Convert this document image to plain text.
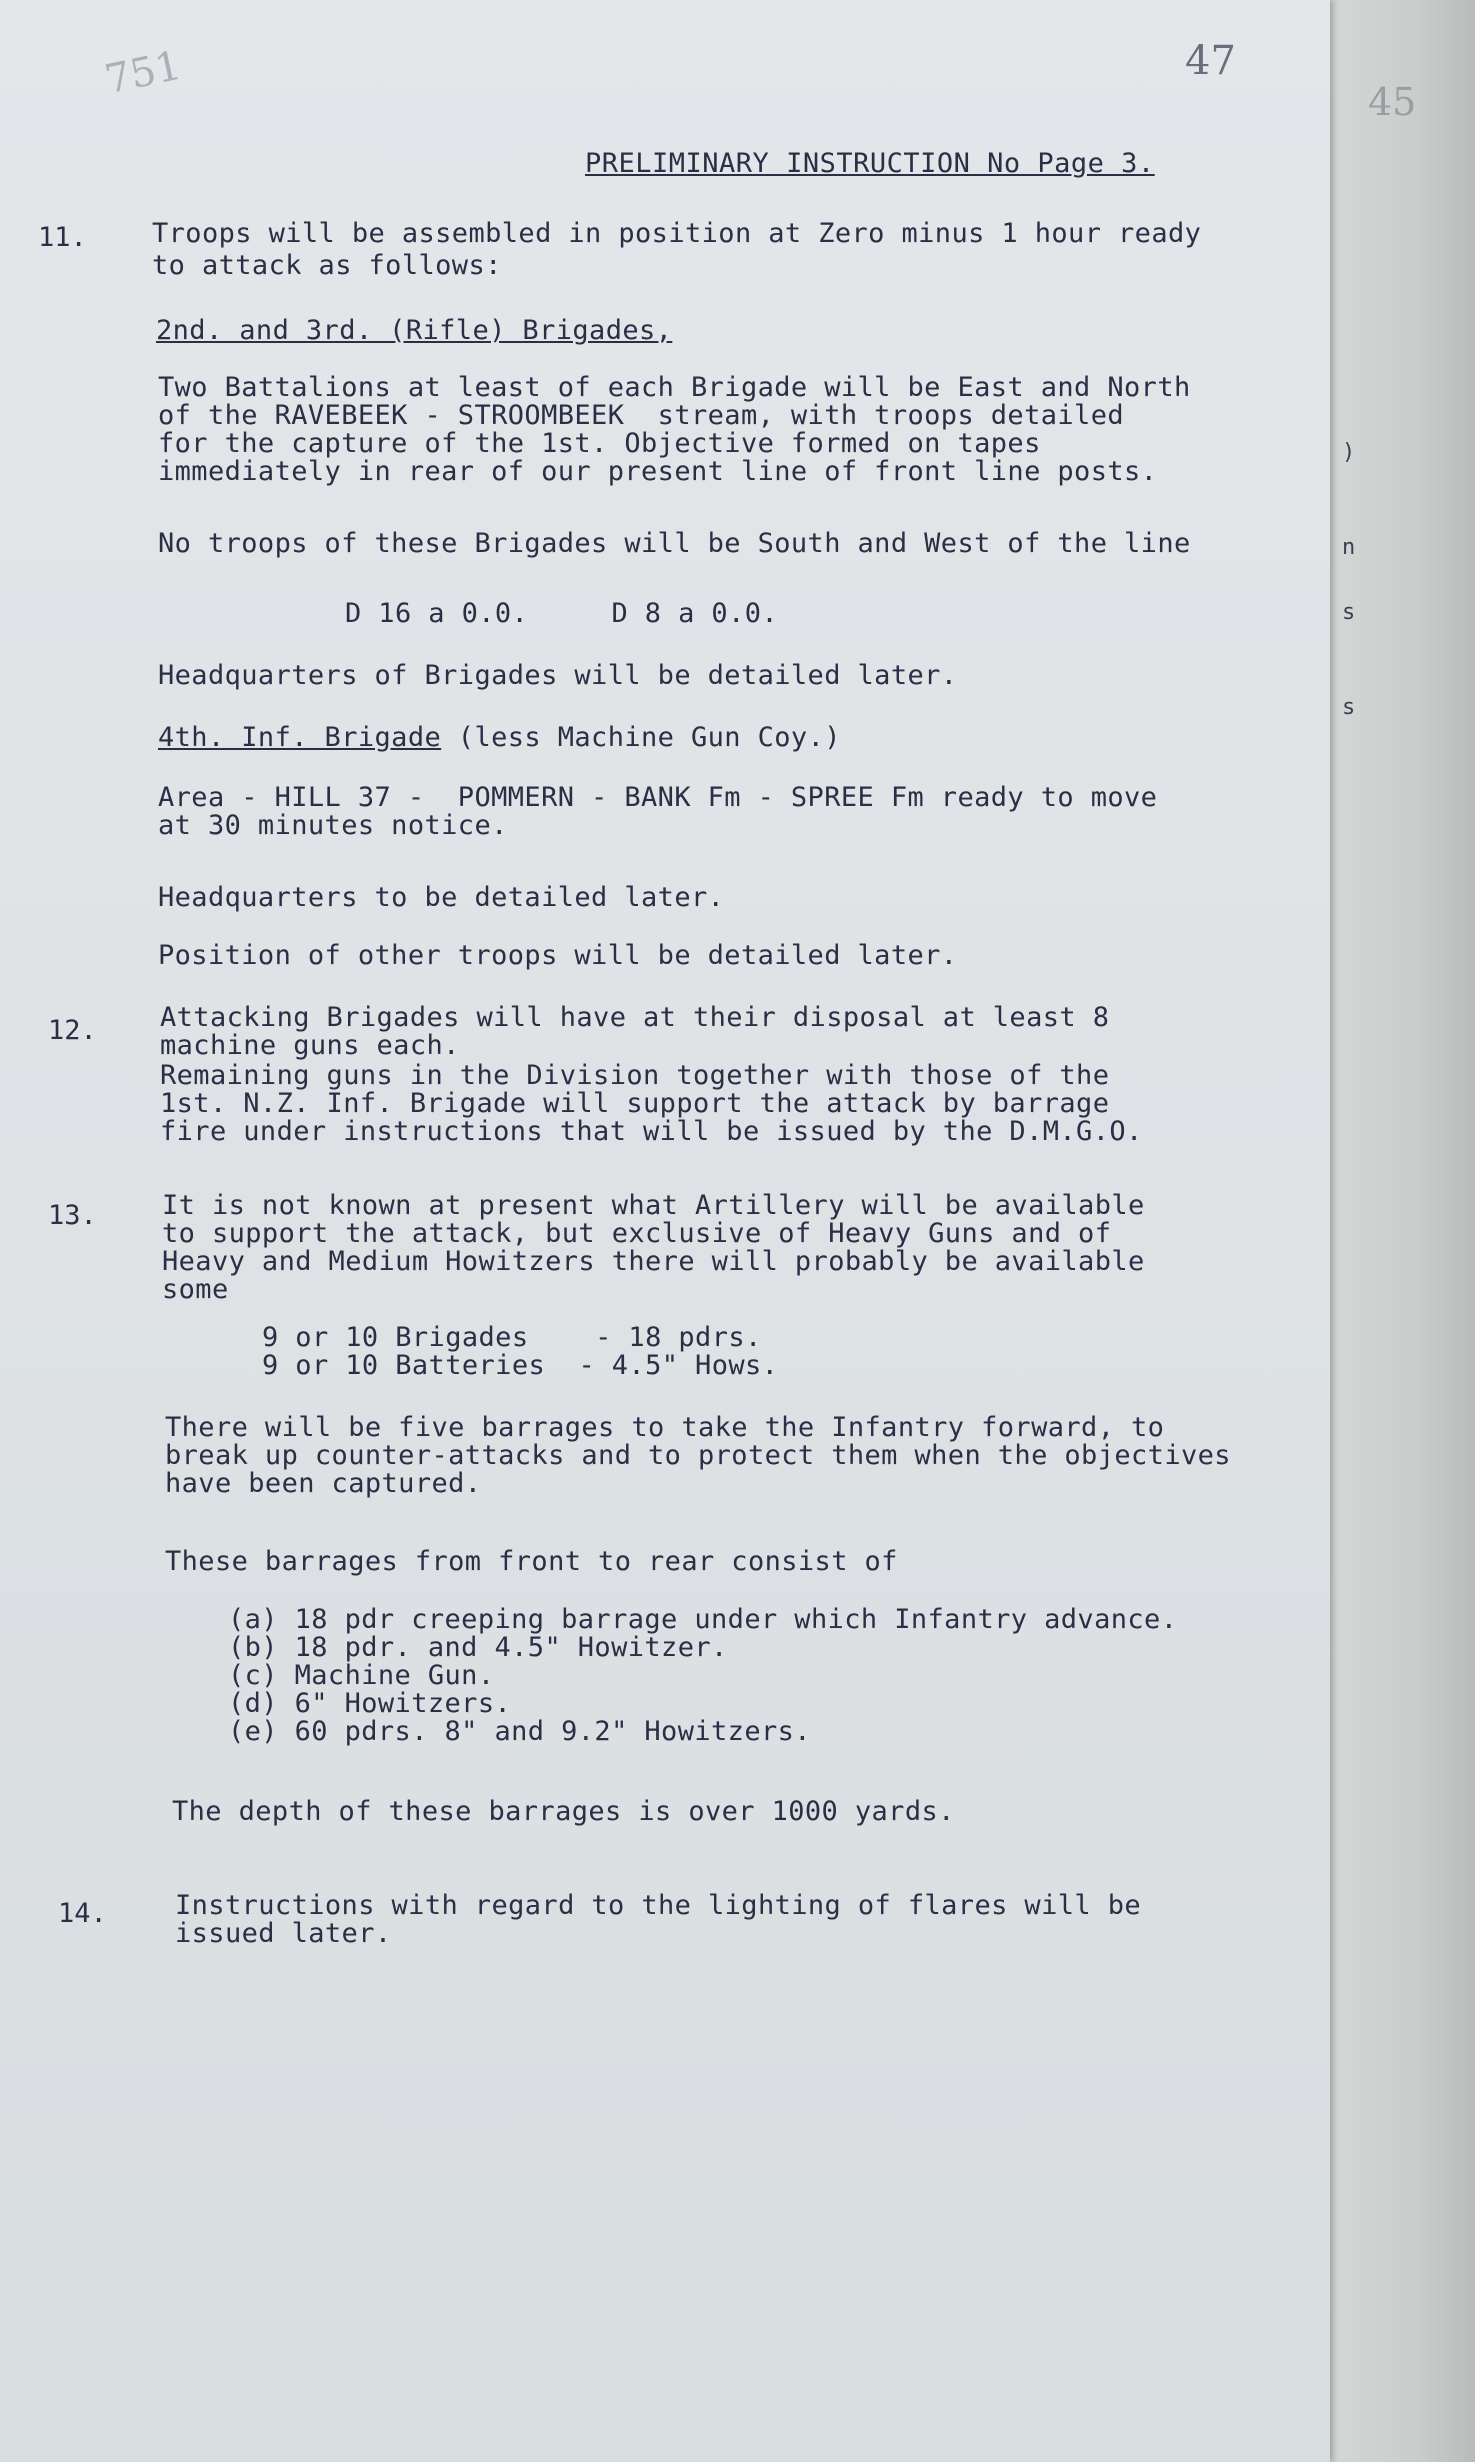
)
n
s
s
45
751	47
PRELIMINARY INSTRUCTION No Page 3.
11. Troops will be assembled in position at Zero minus 1 hour ready
to attack as follows:
2nd. and 3rd. (Rifle) Brigades,
Two Battalions at least of each Brigade will be East and North
of the RAVEBEEK - STROOMBEEK  stream, with troops detailed
for the capture of the 1st. Objective formed on tapes
immediately in rear of our present line of front line posts.
No troops of these Brigades will be South and West of the line
D 16 a 0.0.     D 8 a 0.0.
Headquarters of Brigades will be detailed later.
4th. Inf. Brigade (less Machine Gun Coy.)
Area - HILL 37 -  POMMERN - BANK Fm - SPREE Fm ready to move
at 30 minutes notice.
Headquarters to be detailed later.
Position of other troops will be detailed later.
12. Attacking Brigades will have at their disposal at least 8
machine guns each.
Remaining guns in the Division together with those of the
1st. N.Z. Inf. Brigade will support the attack by barrage
fire under instructions that will be issued by the D.M.G.O.
13. It is not known at present what Artillery will be available
to support the attack, but exclusive of Heavy Guns and of
Heavy and Medium Howitzers there will probably be available
some
9 or 10 Brigades    - 18 pdrs.
9 or 10 Batteries  - 4.5" Hows.
There will be five barrages to take the Infantry forward, to
break up counter-attacks and to protect them when the objectives
have been captured.
These barrages from front to rear consist of
(a) 18 pdr creeping barrage under which Infantry advance.
(b) 18 pdr. and 4.5" Howitzer.
(c) Machine Gun.
(d) 6" Howitzers.
(e) 60 pdrs. 8" and 9.2" Howitzers.
The depth of these barrages is over 1000 yards.
14.	Instructions with regard to the lighting of flares will be
issued later.
